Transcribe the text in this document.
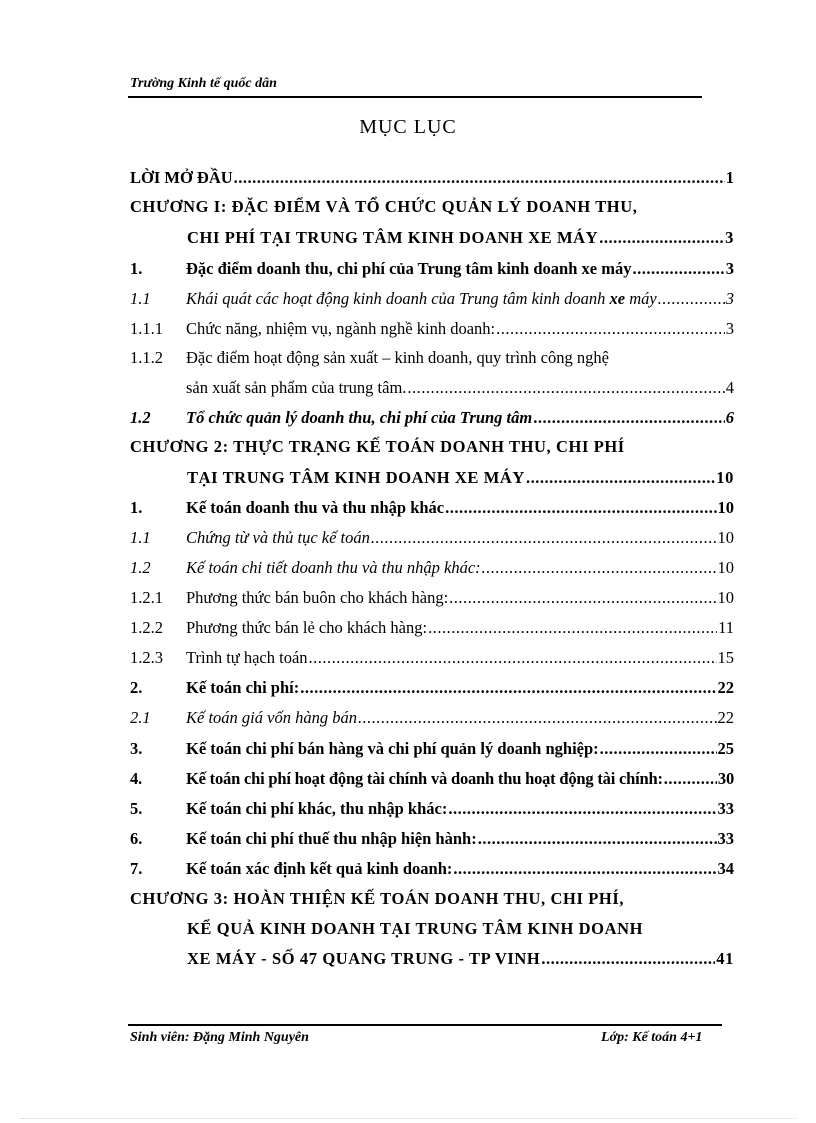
Trường Kinh tế quốc dân
MỤC LỤC
LỜI MỞ ĐẦU .....	1
CHƯƠNG I: ĐẶC ĐIỂM VÀ TỔ CHỨC QUẢN LÝ DOANH THU,
CHI PHÍ TẠI TRUNG TÂM KINH DOANH XE MÁY .....	3
1.	Đặc điểm doanh thu, chi phí của Trung tâm kinh doanh xe máy .....	3
1.1	Khái quát các hoạt động kinh doanh của Trung tâm kinh doanh xe máy .....	3
1.1.1	Chức năng, nhiệm vụ, ngành nghề kinh doanh: .....	3
1.1.2 Đặc điểm hoạt động sản xuất – kinh doanh, quy trình công nghệ
sản xuất sản phẩm của trung tâm. .....	4
1.2	Tổ chức quản lý doanh thu, chi phí của Trung tâm .....	6
CHƯƠNG 2: THỰC TRẠNG KẾ TOÁN DOANH THU, CHI PHÍ
TẠI TRUNG TÂM KINH DOANH XE MÁY .....	10
1.	Kế toán doanh thu và thu nhập khác .....	10
1.1	Chứng từ và thủ tục kế toán .....	10
1.2	Kế toán chi tiết doanh thu và thu nhập khác: .....	10
1.2.1	Phương thức bán buôn cho khách hàng: .....	10
1.2.2	Phương thức bán lẻ cho khách hàng: .....	11
1.2.3	Trình tự hạch toán .....	15
2.	Kế toán chi phí: .....	22
2.1	Kế toán giá vốn hàng bán .....	22
3.	Kế toán chi phí bán hàng và chi phí quản lý doanh nghiệp: .....	25
4.	Kế toán chi phí hoạt động tài chính và doanh thu hoạt động tài chính: .....	30
5.	Kế toán chi phí khác, thu nhập khác: .....	33
6.	Kế toán chi phí thuế thu nhập hiện hành: .....	33
7.	Kế toán xác định kết quả kinh doanh: .....	34
CHƯƠNG 3: HOÀN THIỆN KẾ TOÁN DOANH THU, CHI PHÍ,
KỂ QUẢ KINH DOANH TẠI TRUNG TÂM KINH DOANH
XE MÁY - SỐ 47 QUANG TRUNG - TP VINH .....	41
Sinh viên: Đặng Minh Nguyên	Lớp: Kế toán 4+1
